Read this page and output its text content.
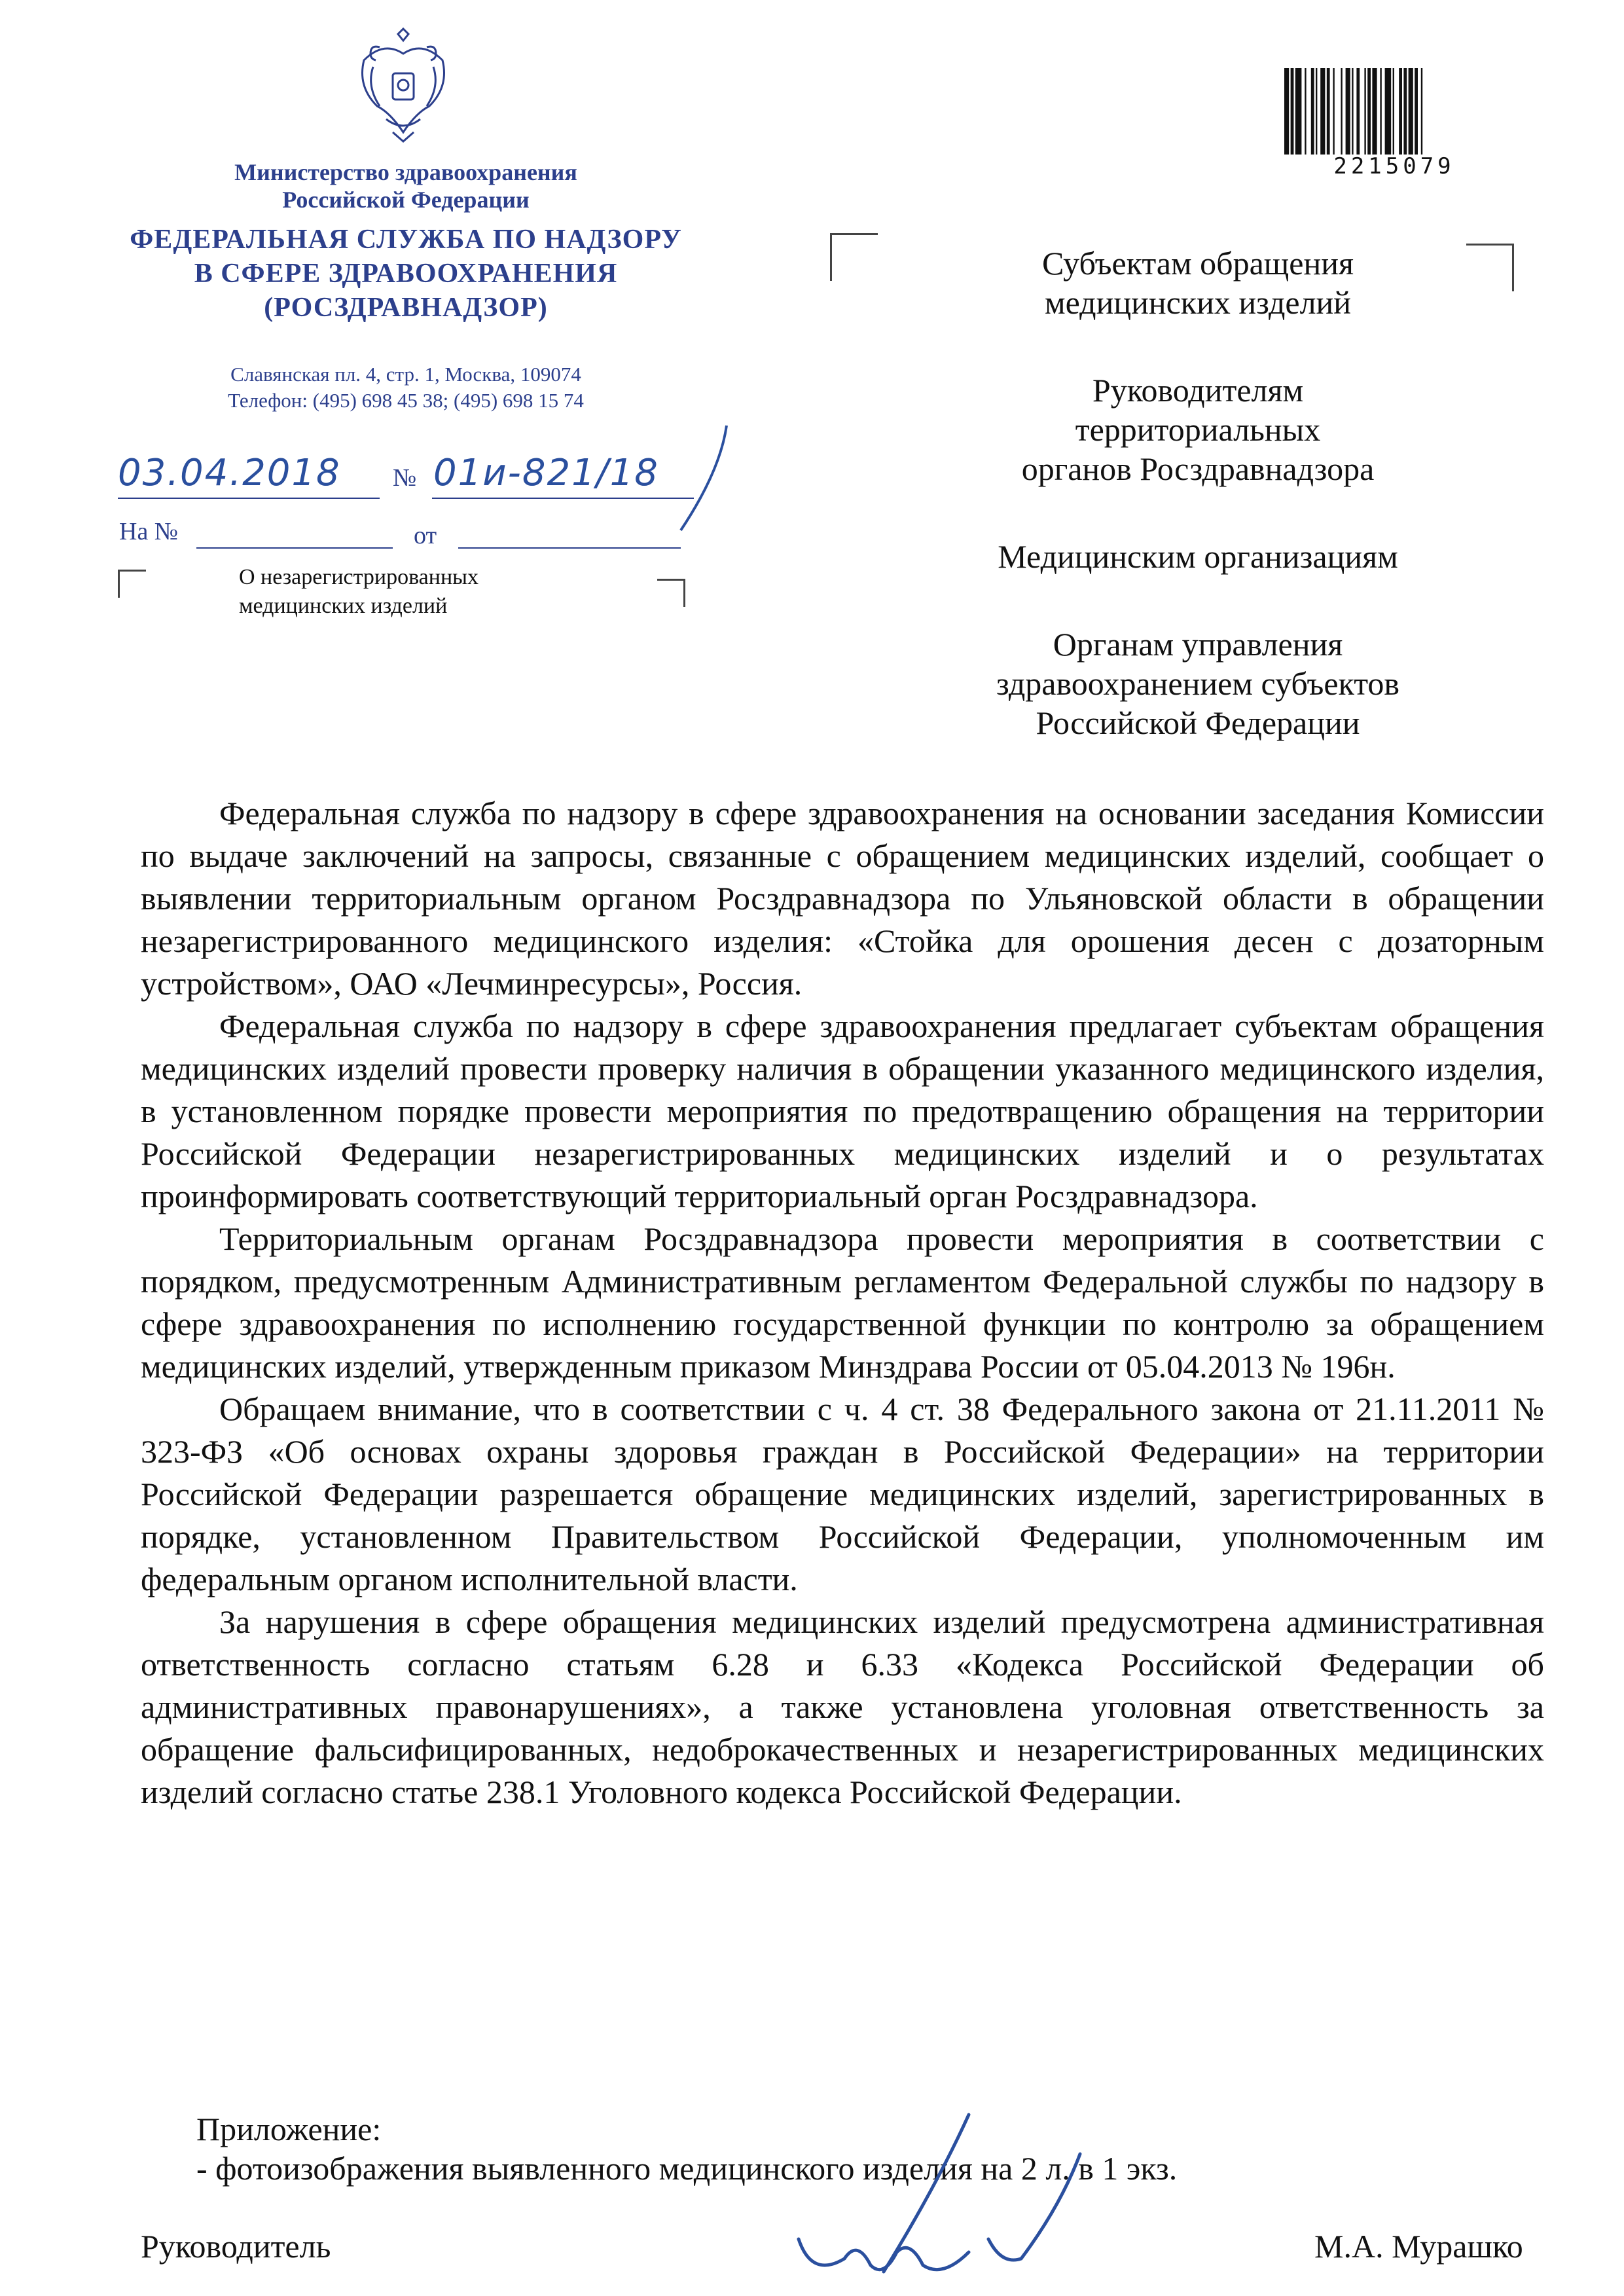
Министерство здравоохранения
Российской Федерации
ФЕДЕРАЛЬНАЯ СЛУЖБА ПО НАДЗОРУ
В СФЕРЕ ЗДРАВООХРАНЕНИЯ
(РОСЗДРАВНАДЗОР)
Славянская пл. 4, стр. 1, Москва, 109074
Телефон: (495) 698 45 38; (495) 698 15 74
03.04.2018 № 01и-821/18
На №	от
О незарегистрированных
медицинских изделий
2215079
Субъектам обращения
медицинских изделий
Руководителям
территориальных
органов Росздравнадзора
Медицинским организациям
Органам управления
здравоохранением субъектов
Российской Федерации

Федеральная служба по надзору в сфере здравоохранения на основании заседания Комиссии по выдаче заключений на запросы, связанные с обращением медицинских изделий, сообщает о выявлении территориальным органом Росздравнадзора по Ульяновской области в обращении незарегистрированного медицинского изделия: «Стойка для орошения десен с дозаторным устройством», ОАО «Лечминресурсы», Россия.

Федеральная служба по надзору в сфере здравоохранения предлагает субъектам обращения медицинских изделий провести проверку наличия в обращении указанного медицинского изделия, в установленном порядке провести мероприятия по предотвращению обращения на территории Российской Федерации незарегистрированных медицинских изделий и о результатах проинформировать соответствующий территориальный орган Росздравнадзора.

Территориальным органам Росздравнадзора провести мероприятия в соответствии с порядком, предусмотренным Административным регламентом Федеральной службы по надзору в сфере здравоохранения по исполнению государственной функции по контролю за обращением медицинских изделий, утвержденным приказом Минздрава России от 05.04.2013 № 196н.

Обращаем внимание, что в соответствии с ч. 4 ст. 38 Федерального закона от 21.11.2011 № 323-ФЗ «Об основах охраны здоровья граждан в Российской Федерации» на территории Российской Федерации разрешается обращение медицинских изделий, зарегистрированных в порядке, установленном Правительством Российской Федерации, уполномоченным им федеральным органом исполнительной власти.

За нарушения в сфере обращения медицинских изделий предусмотрена административная ответственность согласно статьям 6.28 и 6.33 «Кодекса Российской Федерации об административных правонарушениях», а также установлена уголовная ответственность за обращение фальсифицированных, недоброкачественных и незарегистрированных медицинских изделий согласно статье 238.1 Уголовного кодекса Российской Федерации.

Приложение:
- фотоизображения выявленного медицинского изделия на 2 л. в 1 экз.
Руководитель	М.А. Мурашко
